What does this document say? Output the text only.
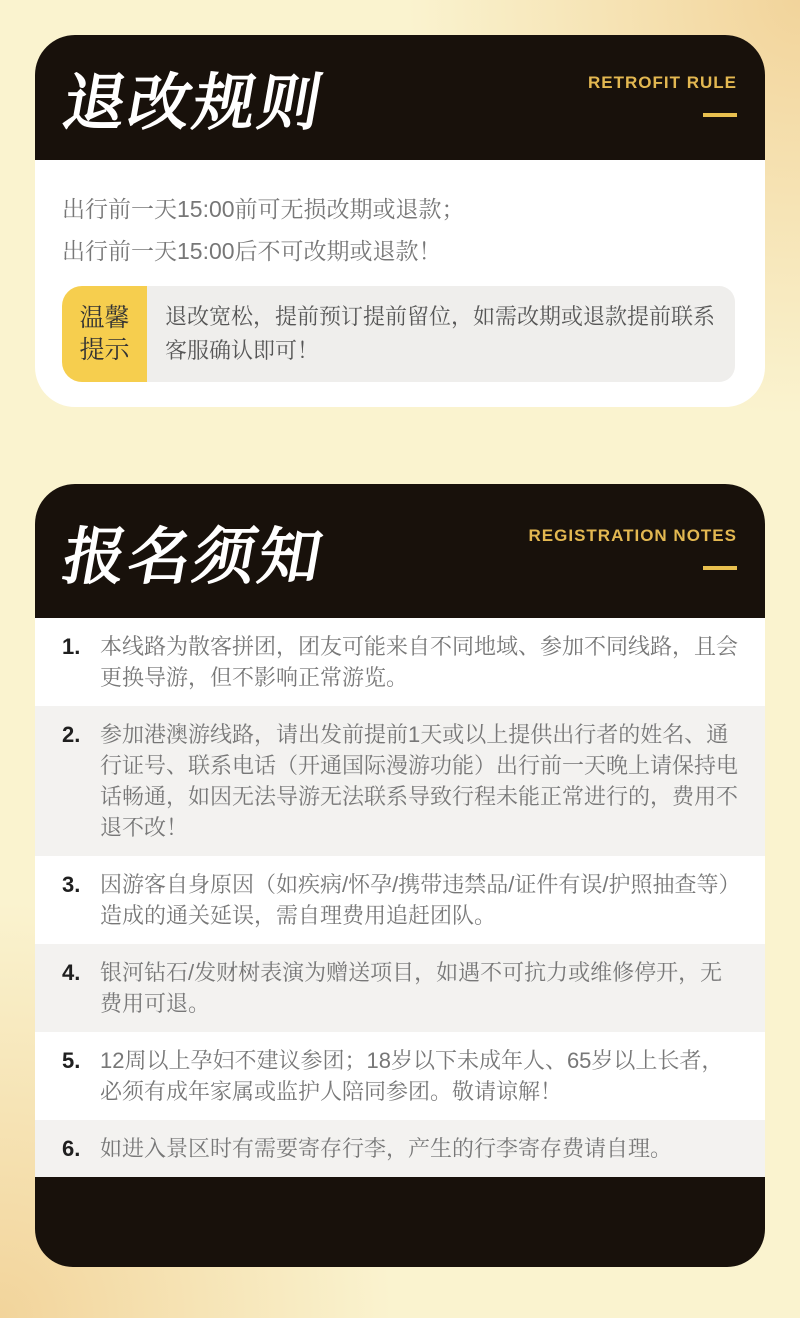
退改规则	RETROFIT RULE
出行前一天15:00前可无损改期或退款；
出行前一天15:00后不可改期或退款！
温馨提示
退改宽松，提前预订提前留位，如需改期或退款提前联系客服确认即可！
报名须知	REGISTRATION NOTES
1. 本线路为散客拼团，团友可能来自不同地域、参加不同线路，且会更换导游，但不影响正常游览。
2. 参加港澳游线路，请出发前提前1天或以上提供出行者的姓名、通行证号、联系电话（开通国际漫游功能）出行前一天晚上请保持电话畅通，如因无法导游无法联系导致行程未能正常进行的，费用不退不改！
3. 因游客自身原因（如疾病/怀孕/携带违禁品/证件有误/护照抽查等）造成的通关延误，需自理费用追赶团队。
4. 银河钻石/发财树表演为赠送项目，如遇不可抗力或维修停开，无费用可退。
5. 12周以上孕妇不建议参团；18岁以下未成年人、65岁以上长者，必须有成年家属或监护人陪同参团。敬请谅解！
6. 如进入景区时有需要寄存行李，产生的行李寄存费请自理。
